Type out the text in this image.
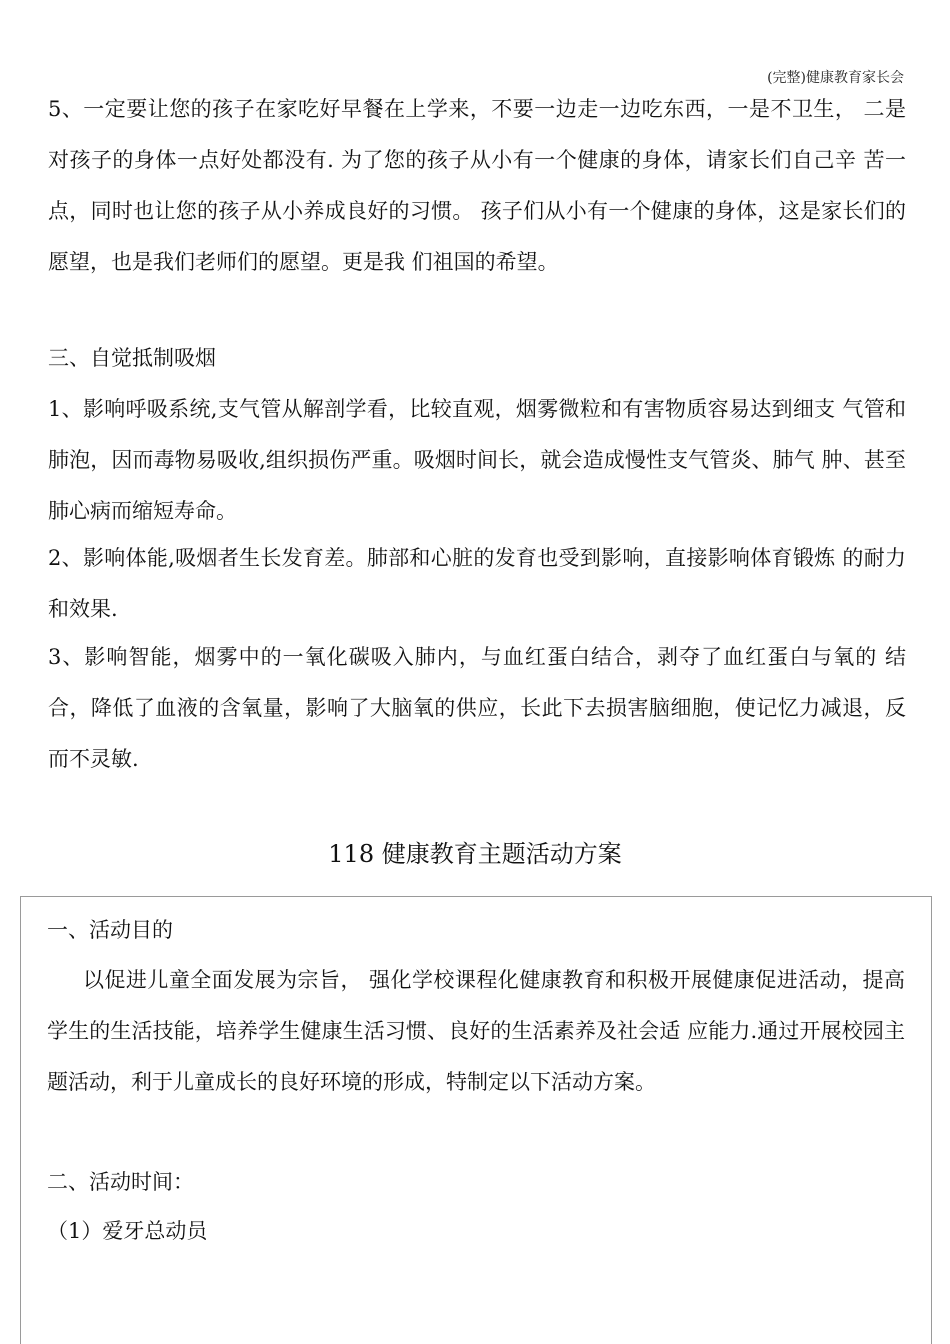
(完整)健康教育家长会

5、一定要让您的孩子在家吃好早餐在上学来，不要一边走一边吃东西，一是不卫生， 二是对孩子的身体一点好处都没有. 为了您的孩子从小有一个健康的身体，请家长们自己辛 苦一点，同时也让您的孩子从小养成良好的习惯。 孩子们从小有一个健康的身体，这是家长们的愿望，也是我们老师们的愿望。更是我 们祖国的希望。

三、自觉抵制吸烟

1、影响呼吸系统,支气管从解剖学看，比较直观，烟雾微粒和有害物质容易达到细支 气管和肺泡，因而毒物易吸收,组织损伤严重。吸烟时间长，就会造成慢性支气管炎、肺气 肿、甚至肺心病而缩短寿命。

2、影响体能,吸烟者生长发育差。肺部和心脏的发育也受到影响，直接影响体育锻炼 的耐力和效果.

3、影响智能，烟雾中的一氧化碳吸入肺内，与血红蛋白结合，剥夺了血红蛋白与氧的 结合，降低了血液的含氧量，影响了大脑氧的供应，长此下去损害脑细胞，使记忆力减退，反而不灵敏.

118 健康教育主题活动方案

一、活动目的

以促进儿童全面发展为宗旨， 强化学校课程化健康教育和积极开展健康促进活动，提高学生的生活技能，培养学生健康生活习惯、良好的生活素养及社会适 应能力.通过开展校园主题活动，利于儿童成长的良好环境的形成，特制定以下活动方案。

二、活动时间：

（1）爱牙总动员
